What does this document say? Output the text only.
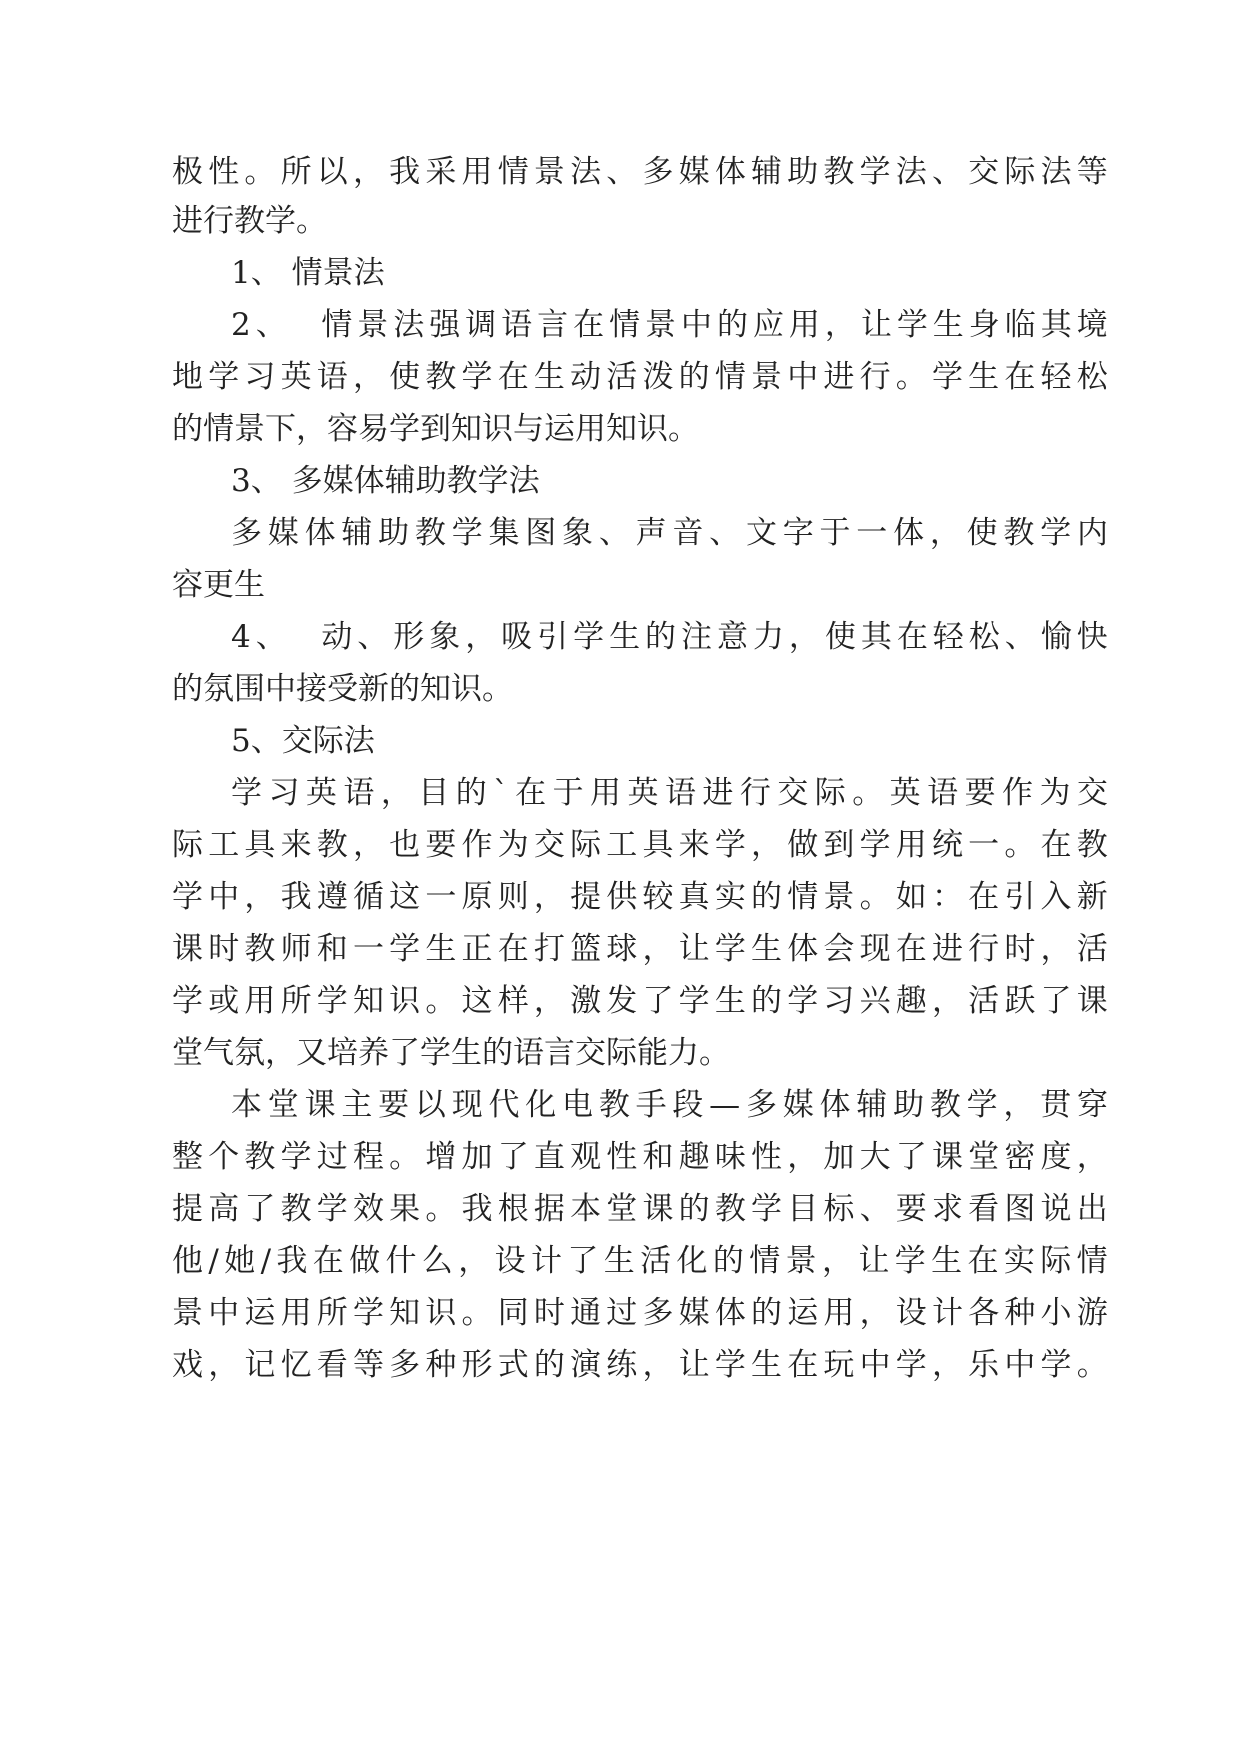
极 性 。 所 以 ， 我 采 用 情 景 法 、 多 媒 体 辅 助 教 学 法 、 交 际 法 等
进行教学。
1、 情景法
2 、

情 景 法 强 调 语 言 在 情 景 中 的 应 用 ， 让 学 生 身 临 其 境
地 学 习 英 语 ， 使 教 学 在 生 动 活 泼 的 情 景 中 进 行 。 学 生 在 轻 松
的情景下，容易学到知识与运用知识。
3、 多媒体辅助教学法
多 媒 体 辅 助 教 学 集 图 象 、 声 音 、 文 字 于 一 体 ， 使 教 学 内
容更生
4 、

动 、 形 象 ， 吸 引 学 生 的 注 意 力 ， 使 其 在 轻 松 、 愉 快
的氛围中接受新的知识。
5、交际法
学 习 英 语 ， 目 的 ` 在 于 用 英 语 进 行 交 际 。 英 语 要 作 为 交
际 工 具 来 教 ， 也 要 作 为 交 际 工 具 来 学 ， 做 到 学 用 统 一 。 在 教
学 中 ， 我 遵 循 这 一 原 则 ， 提 供 较 真 实 的 情 景 。 如 ： 在 引 入 新
课 时 教 师 和 一 学 生 正 在 打 篮 球 ， 让 学 生 体 会 现 在 进 行 时 ， 活
学 或 用 所 学 知 识 。 这 样 ， 激 发 了 学 生 的 学 习 兴 趣 ， 活 跃 了 课
堂气氛，又培养了学生的语言交际能力。
本 堂 课 主 要 以 现 代 化 电 教 手 段 — 多 媒 体 辅 助 教 学 ， 贯 穿
整 个 教 学 过 程 。 增 加 了 直 观 性 和 趣 味 性 ， 加 大 了 课 堂 密 度 ，
提 高 了 教 学 效 果 。 我 根 据 本 堂 课 的 教 学 目 标 、 要 求 看 图 说 出
他 / 她 / 我 在 做 什 么 ， 设 计 了 生 活 化 的 情 景 ， 让 学 生 在 实 际 情
景 中 运 用 所 学 知 识 。 同 时 通 过 多 媒 体 的 运 用 ， 设 计 各 种 小 游
戏 ， 记 忆 看 等 多 种 形 式 的 演 练 ， 让 学 生 在 玩 中 学 ， 乐 中 学 。
